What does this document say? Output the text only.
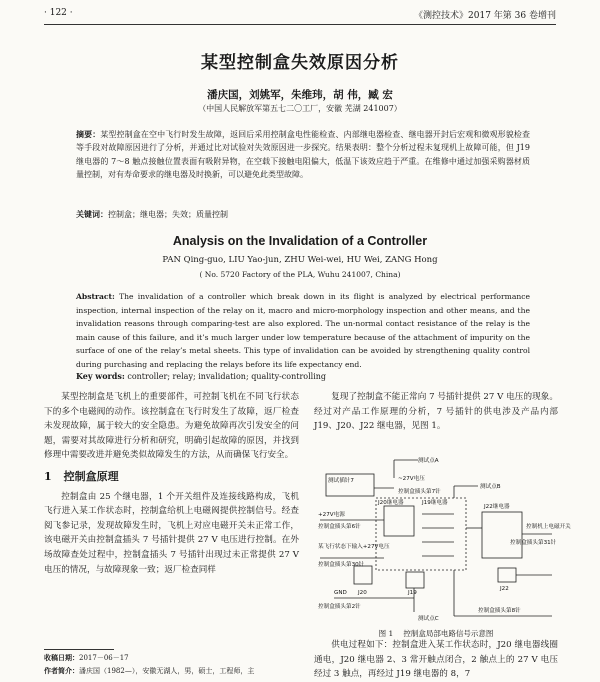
· 122 ·	《测控技术》2017 年第 36 卷增刊
某型控制盒失效原因分析
潘庆国，刘姚军，朱维玮，胡 伟，臧 宏
（中国人民解放军第五七二〇工厂，安徽 芜湖 241007）
摘要：某型控制盒在空中飞行时发生故障，返回后采用控制盒电性能检查、内部继电器检查、继电器开封后宏观和微观形貌检查等手段对故障原因进行了分析，并通过比对试验对失效原因进一步探究。结果表明：整个分析过程未复现机上故障可能，但 J19 继电器的 7～8 触点接触位置表面有吸附异物，在空载下接触电阻偏大，低温下该效应趋于严重。在维修中通过加强采购器材质量控制，对有寿命要求的继电器及时换新，可以避免此类型故障。
关键词：控制盒；继电器；失效；质量控制
Analysis on the Invalidation of a Controller
PAN Qing-guo, LIU Yao-jun, ZHU Wei-wei, HU Wei, ZANG Hong
( No. 5720 Factory of the PLA, Wuhu 241007, China)
Abstract: The invalidation of a controller which break down in its flight is analyzed by electrical performance inspection, internal inspection of the relay on it, macro and micro-morphology inspection and other means, and the invalidation reasons through comparing-test are also explored. The un-normal contact resistance of the relay is the main cause of this failure, and it’s much larger under low temperature because of the attachment of impurity on the surface of one of the relay’s metal sheets. This type of invalidation can be avoided by strengthening quality control during purchasing and replacing the relays before its life expectancy end.
Key words: controller; relay; invalidation; quality-controlling

某型控制盒是飞机上的重要部件，可控制飞机在不同飞行状态下的多个电磁阀的动作。该控制盒在飞行时发生了故障，返厂检查未发现故障，属于较大的安全隐患。为避免故障再次引发安全的问题，需要对其故障进行分析和研究，明确引起故障的原因，并找到修理中需要改进并避免类似故障发生的方法，从而确保飞行安全。

1 控制盒原理

控制盒由 25 个继电器，1 个开关组件及连接线路构成，飞机飞行进入某工作状态时，控制盒给机上电磁阀提供控制信号。经查阅飞参记录，发现故障发生时，飞机上对应电磁开关未正常工作，该电磁开关由控制盒插头 7 号插针提供 27 V 电压进行控制。在外场故障查处过程中，控制盒插头 7 号插针出现过未正常提供 27 V 电压的情况，与故障现象一致；返厂检查同样

复现了控制盒不能正常向 7 号插针提供 27 V 电压的现象。经过对产品工作原理的分析，7 号插针的供电涉及产品内部 J19、J20、J22 继电器，见图 1。

测试点A
测试插针7	~27V电压
测试点B
控制盒插头第7针
J20继电器	J19继电器
J22继电器
+27V电源
控制盒插头第6针
某飞行状态下输入+27V电压
控制盒插头第30针
控制机上电磁开关
控制盒插头第31针
J20	J19
J22
GND
控制盒插头第2针
测试点C
控制盒插头第8针
图 1 控制盒局部电路信号示意图

供电过程如下：控制盒进入某工作状态时，J20 继电器线圈通电，J20 继电器 2、3 常开触点闭合，2 触点上的 27 V 电压经过 3 触点，再经过 J19 继电器的 8，7

收稿日期：2017－06－17
作者简介：潘庆国（1982—），安徽无湖人，男，硕士，工程师，主
